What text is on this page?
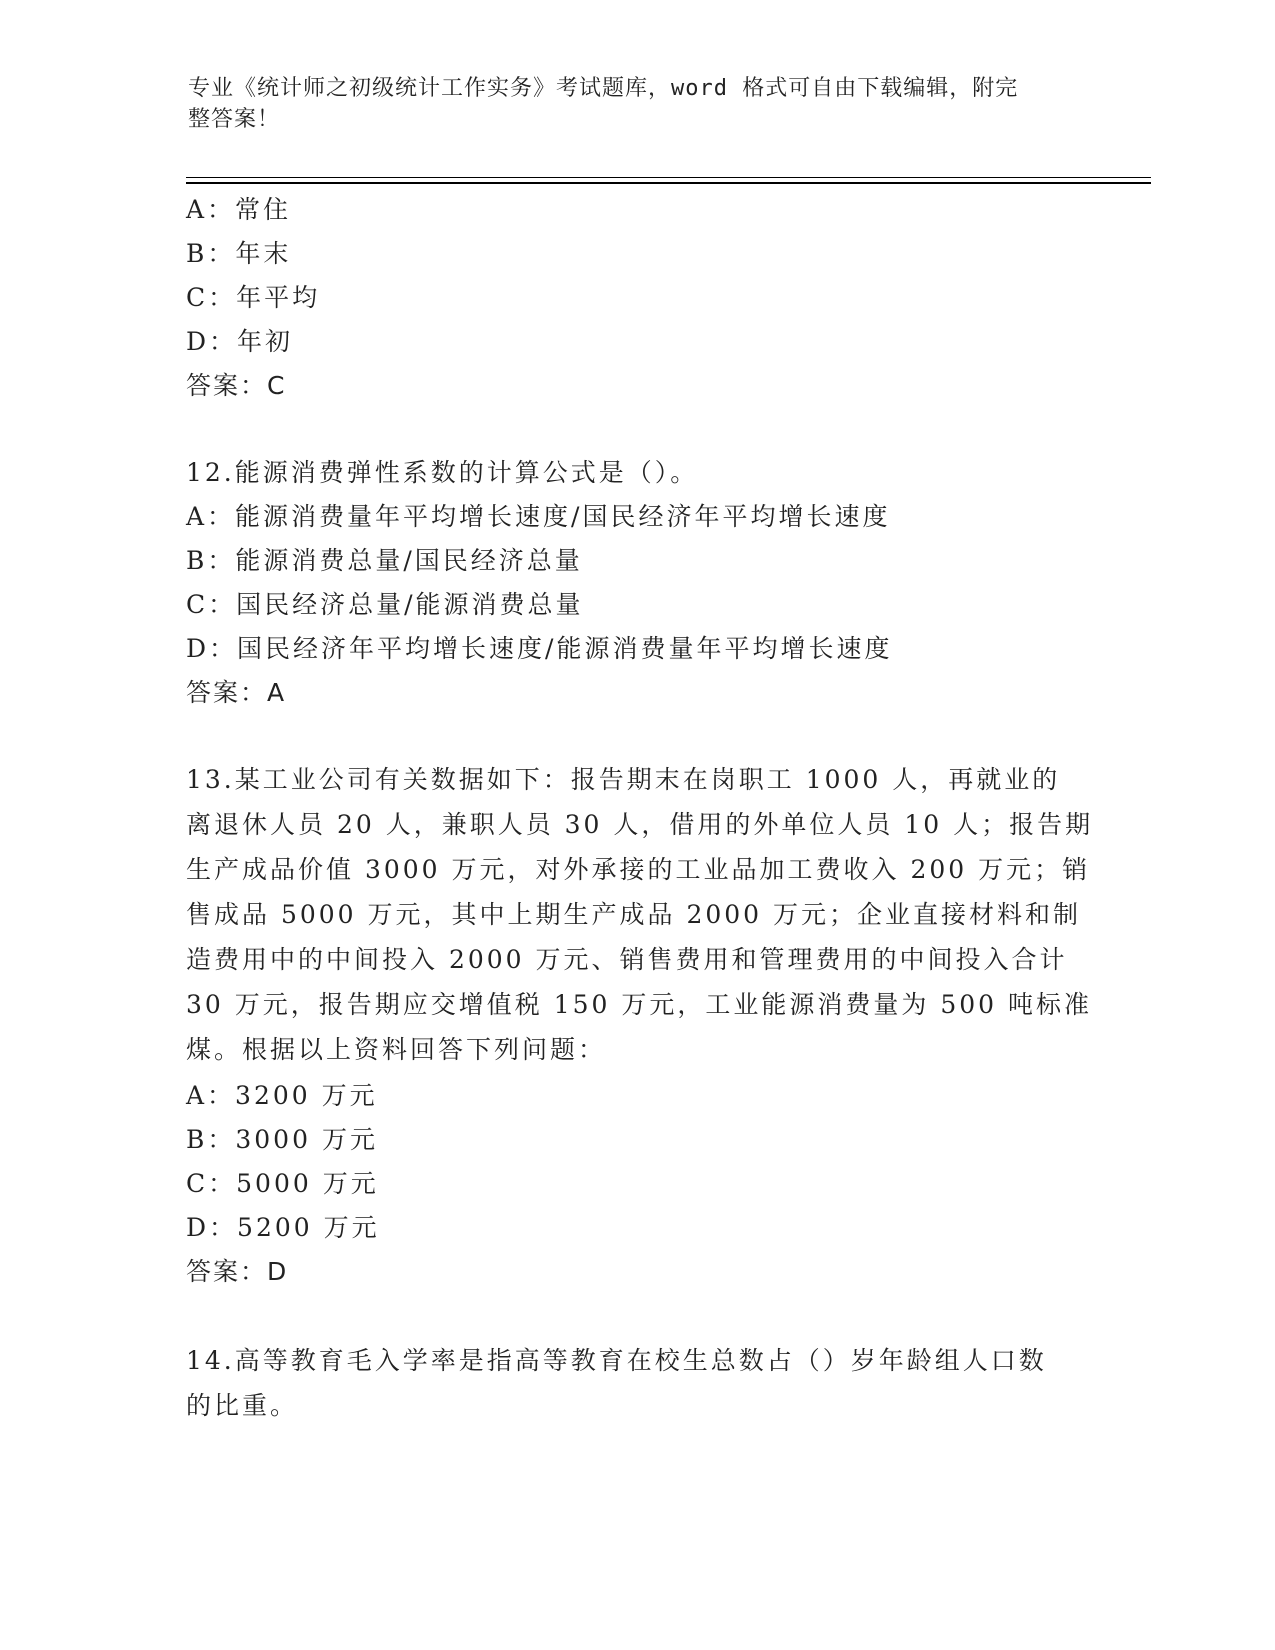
专业《统计师之初级统计工作实务》考试题库，word 格式可自由下载编辑，附完
整答案！
A：常住
B：年末
C：年平均
D：年初
答案：C
12.能源消费弹性系数的计算公式是（）。
A：能源消费量年平均增长速度/国民经济年平均增长速度
B：能源消费总量/国民经济总量
C：国民经济总量/能源消费总量
D：国民经济年平均增长速度/能源消费量年平均增长速度
答案：A
13.某工业公司有关数据如下：报告期末在岗职工 1000 人，再就业的
离退休人员 20 人，兼职人员 30 人，借用的外单位人员 10 人；报告期
生产成品价值 3000 万元，对外承接的工业品加工费收入 200 万元；销
售成品 5000 万元，其中上期生产成品 2000 万元；企业直接材料和制
造费用中的中间投入 2000 万元、销售费用和管理费用的中间投入合计
30 万元，报告期应交增值税 150 万元，工业能源消费量为 500 吨标准
煤。根据以上资料回答下列问题：
A：3200 万元
B：3000 万元
C：5000 万元
D：5200 万元
答案：D
14.高等教育毛入学率是指高等教育在校生总数占（）岁年龄组人口数
的比重。
